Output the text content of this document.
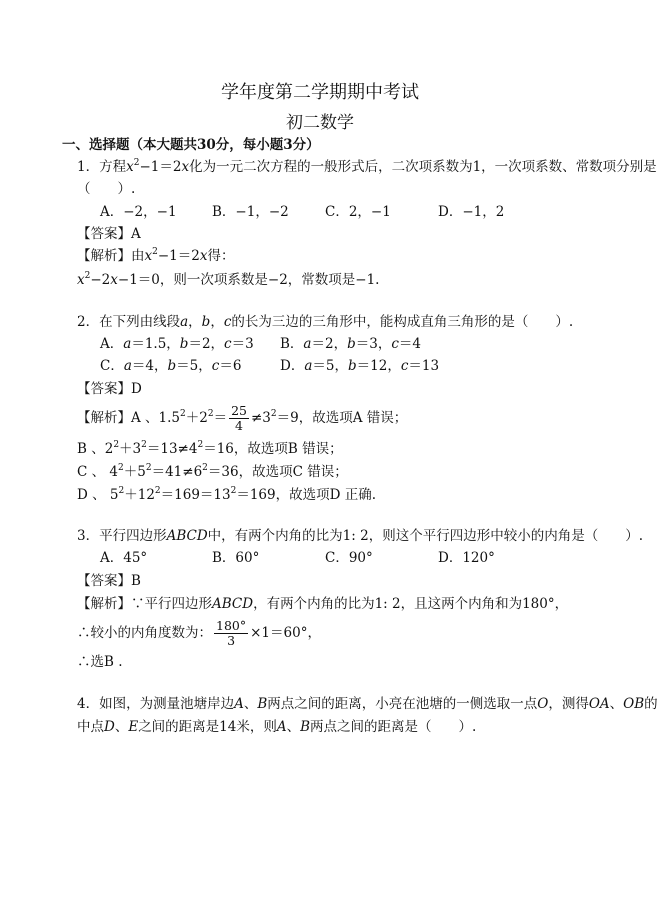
学年度第二学期期中考试
初二数学
一、选择题（本大题共30分，每小题3分）
1．方程$x^2-1=2x$化为一元二次方程的一般形式后，二次项系数为1，一次项系数、常数项分别是
（　　）.
A．−2，−1	B．−1，−2	C．2，−1	D．−1，2
【答案】A
【解析】由$x^2-1=2x$得：
$x^2-2x-1=0$，则一次项系数是−2，常数项是−1.
2．在下列由线段a，b，c的长为三边的三角形中，能构成直角三角形的是（　　）.
A．a＝1.5，b＝2，c＝3 B．a＝2，b＝3，c＝4
C．a＝4，b＝5，c＝6	D．a＝5，b＝12，c＝13
【答案】D
【解析】A 、$1.5^2+2^2= \frac{25}{4} \ne 3^2=9$，故选项A 错误；
B 、$2^2+3^2=13\ne 4^2=16$，故选项B 错误；
C 、 $4^2+5^2=41\ne 6^2=36$，故选项C 错误；
D 、 $5^2+12^2=169=13^2=169$，故选项D 正确.
3．平行四边形ABCD中，有两个内角的比为1: 2，则这个平行四边形中较小的内角是（　　）.
A．45°	B．60°	C．90°	D．120°
【答案】B
【解析】∵平行四边形ABCD，有两个内角的比为1: 2，且这两个内角和为180°，
∴较小的内角度数为： $\frac{180^\circ}{3} \times 1=60^\circ$，
∴选B .
4．如图，为测量池塘岸边A、B两点之间的距离，小亮在池塘的一侧选取一点O，测得OA、OB的
中点D、E之间的距离是14米，则A、B两点之间的距离是（　　）.
